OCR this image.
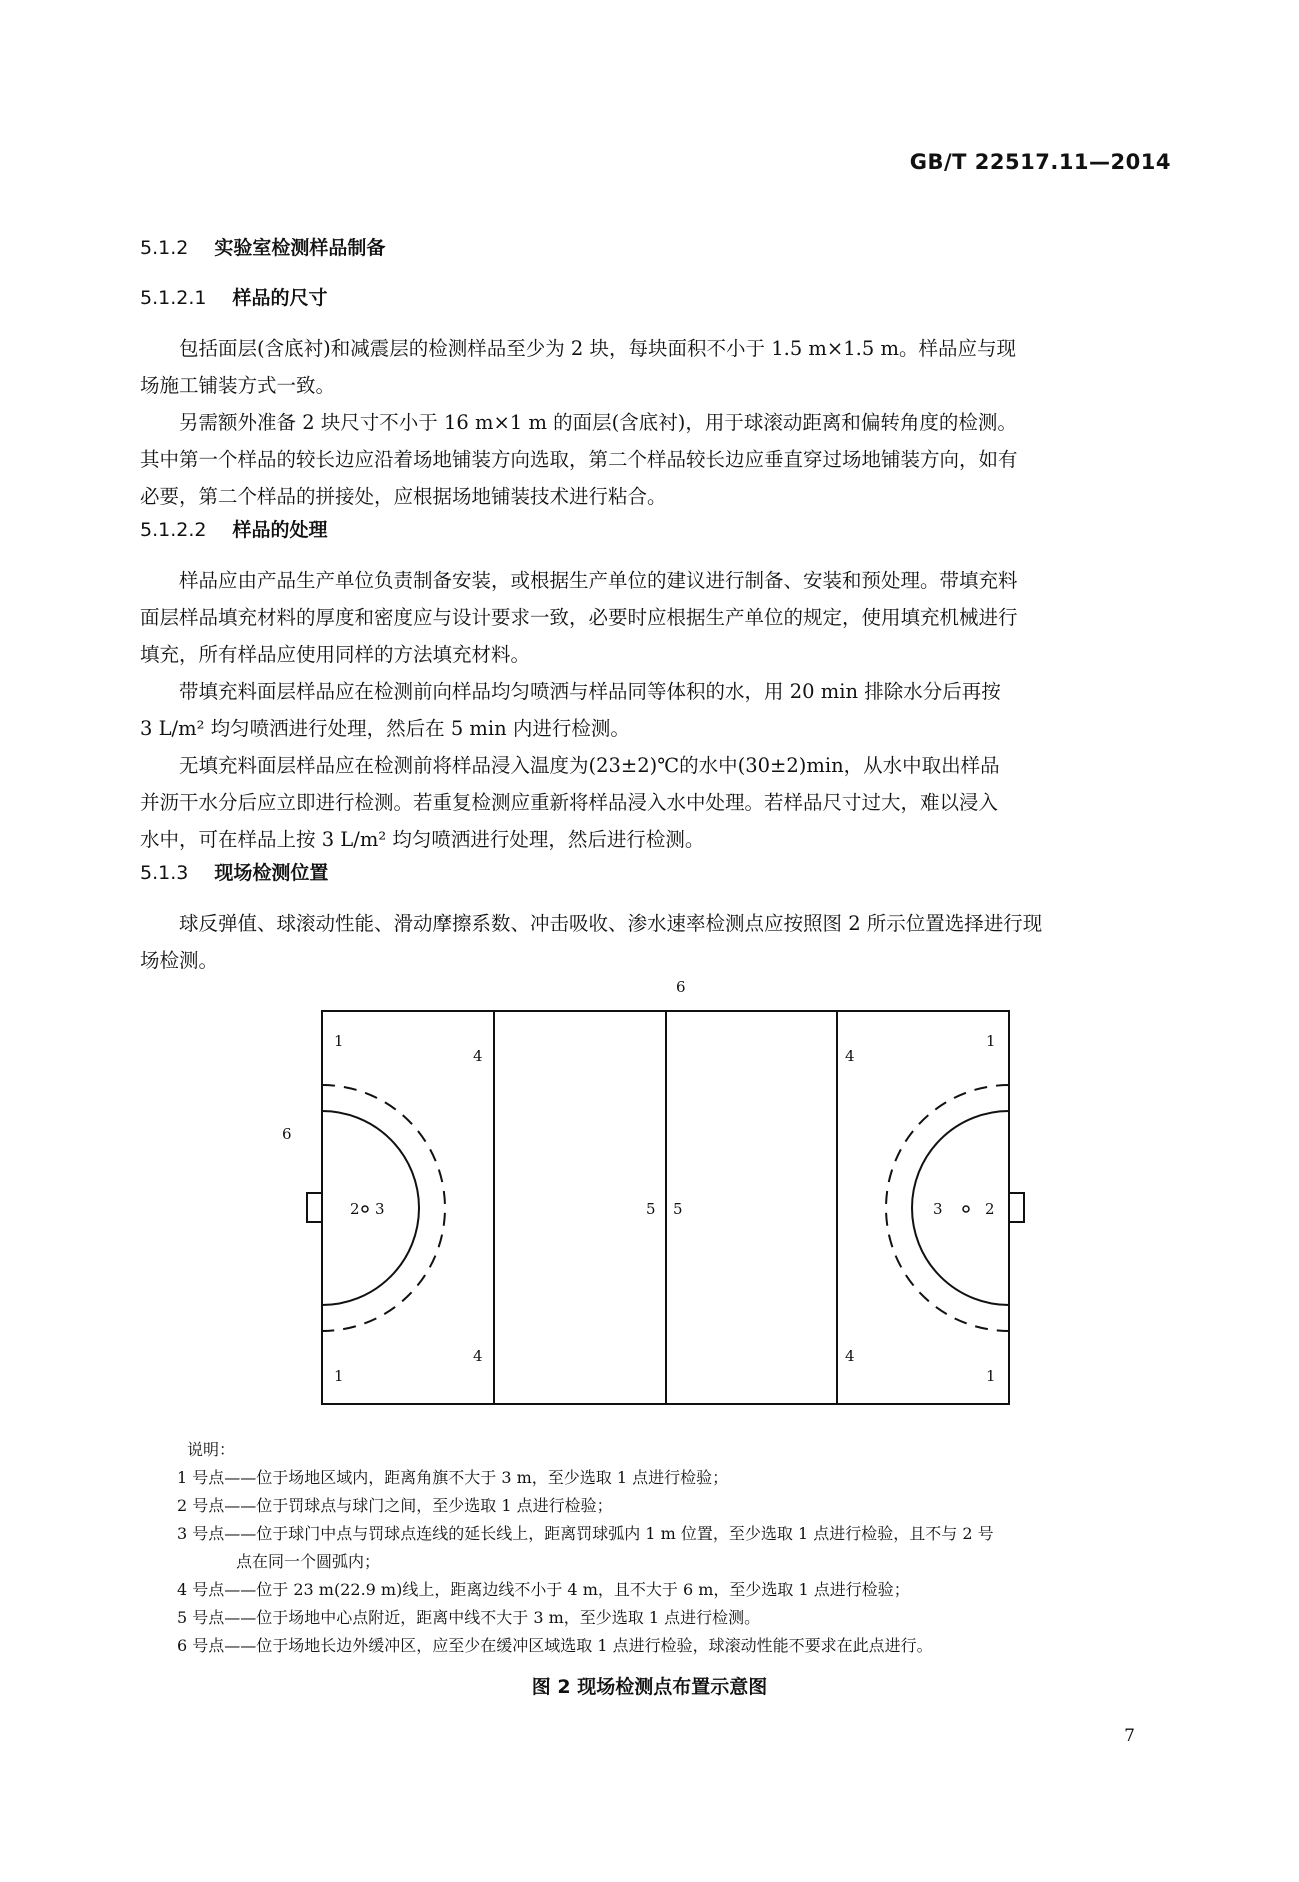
GB/T 22517.11—2014
5.1.2 实验室检测样品制备
5.1.2.1 样品的尺寸

包括面层(含底衬)和减震层的检测样品至少为 2 块，每块面积不小于 1.5 m×1.5 m。样品应与现
场施工铺装方式一致。

另需额外准备 2 块尺寸不小于 16 m×1 m 的面层(含底衬)，用于球滚动距离和偏转角度的检测。
其中第一个样品的较长边应沿着场地铺装方向选取，第二个样品较长边应垂直穿过场地铺装方向，如有
必要，第二个样品的拼接处，应根据场地铺装技术进行粘合。

5.1.2.2 样品的处理

样品应由产品生产单位负责制备安装，或根据生产单位的建议进行制备、安装和预处理。带填充料
面层样品填充材料的厚度和密度应与设计要求一致，必要时应根据生产单位的规定，使用填充机械进行
填充，所有样品应使用同样的方法填充材料。

带填充料面层样品应在检测前向样品均匀喷洒与样品同等体积的水，用 20 min 排除水分后再按
3 L/m² 均匀喷洒进行处理，然后在 5 min 内进行检测。

无填充料面层样品应在检测前将样品浸入温度为(23±2)℃的水中(30±2)min，从水中取出样品
并沥干水分后应立即进行检测。若重复检测应重新将样品浸入水中处理。若样品尺寸过大，难以浸入
水中，可在样品上按 3 L/m² 均匀喷洒进行处理，然后进行检测。

5.1.3 现场检测位置

球反弹值、球滚动性能、滑动摩擦系数、冲击吸收、渗水速率检测点应按照图 2 所示位置选择进行现
场检测。

6
6
1
4
1
4
4
1
4
1
2 3	3	2
5 5
说明：
1 号点——位于场地区域内，距离角旗不大于 3 m，至少选取 1 点进行检验；
2 号点——位于罚球点与球门之间，至少选取 1 点进行检验；
3 号点——位于球门中点与罚球点连线的延长线上，距离罚球弧内 1 m 位置，至少选取 1 点进行检验，且不与 2 号
点在同一个圆弧内；
4 号点——位于 23 m(22.9 m)线上，距离边线不小于 4 m，且不大于 6 m，至少选取 1 点进行检验；
5 号点——位于场地中心点附近，距离中线不大于 3 m，至少选取 1 点进行检测。
6 号点——位于场地长边外缓冲区，应至少在缓冲区域选取 1 点进行检验，球滚动性能不要求在此点进行。
图 2 现场检测点布置示意图
7
